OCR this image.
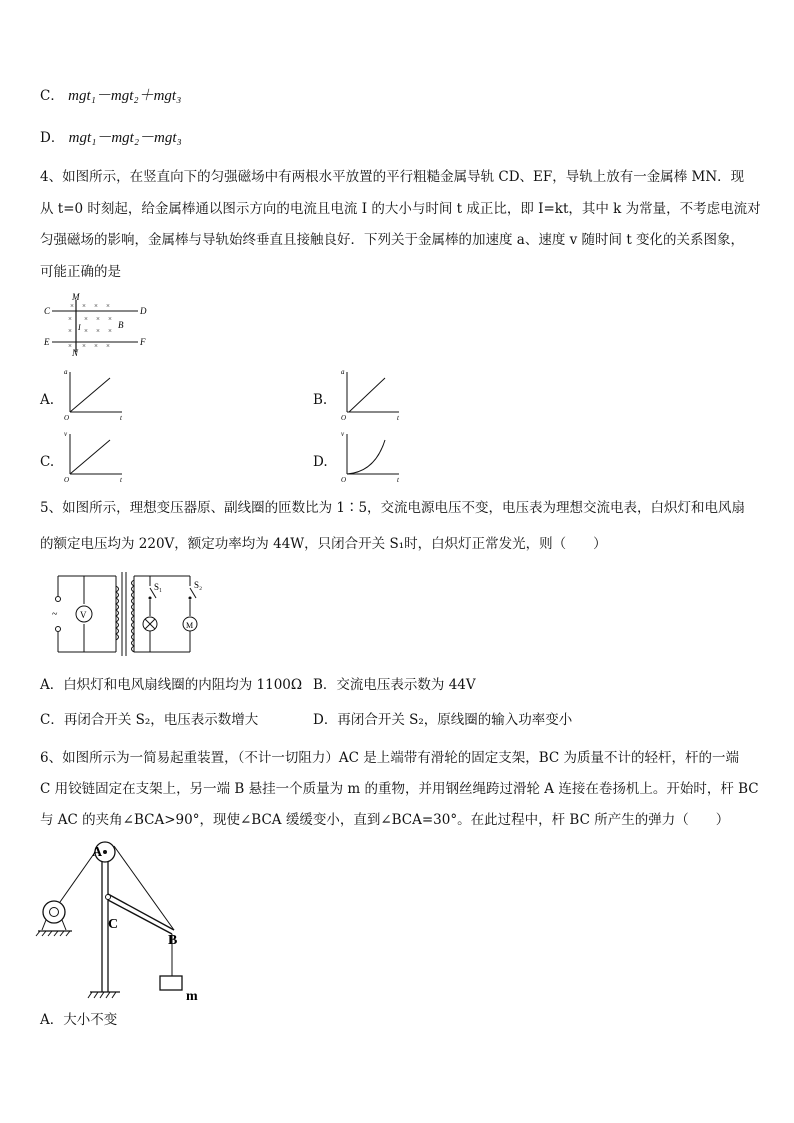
C． mgt₁－mgt₂＋mgt₃
D． mgt₁－mgt₂－mgt₃
4、如图所示，在竖直向下的匀强磁场中有两根水平放置的平行粗糙金属导轨 CD、EF，导轨上放有一金属棒 MN．现
从 t=0 时刻起，给金属棒通以图示方向的电流且电流 I 的大小与时间 t 成正比，即 I=kt，其中 k 为常量，不考虑电流对
匀强磁场的影响，金属棒与导轨始终垂直且接触良好．下列关于金属棒的加速度 a、速度 v 随时间 t 变化的关系图象，
可能正确的是
C	D
E	F
M
N
I	B
× × × ×
× × × ×
× × × ×
× × × ×
A.
a
t
O
B.
a
t
O
C.
v
t
O
D.
v
t
O
5、如图所示，理想变压器原、副线圈的匝数比为 1∶5，交流电源电压不变，电压表为理想交流电表，白炽灯和电风扇
的额定电压均为 220V，额定功率均为 44W，只闭合开关 S₁时，白炽灯正常发光，则（　　）
~	V
S₁
M
S₂
A．白炽灯和电风扇线圈的内阻均为 1100Ω B．交流电压表示数为 44V
C．再闭合开关 S₂，电压表示数增大	D．再闭合开关 S₂，原线圈的输入功率变小
6、如图所示为一简易起重装置，（不计一切阻力）AC 是上端带有滑轮的固定支架，BC 为质量不计的轻杆，杆的一端
C 用铰链固定在支架上，另一端 B 悬挂一个质量为 m 的重物，并用钢丝绳跨过滑轮 A 连接在卷扬机上。开始时，杆 BC
与 AC 的夹角∠BCA>90°，现使∠BCA 缓缓变小，直到∠BCA=30°。在此过程中，杆 BC 所产生的弹力（　　）
A
C
B
m
A．大小不变
